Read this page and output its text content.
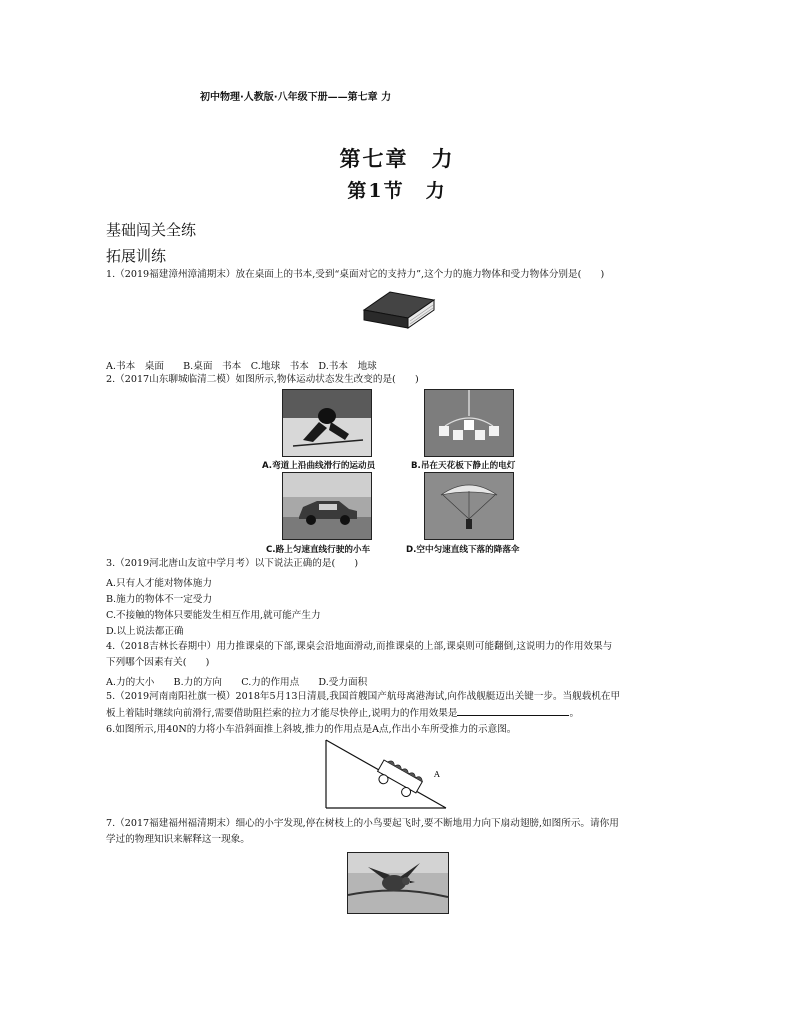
初中物理·人教版·八年级下册——第七章 力
第七章　力
第1节　力
基础闯关全练
拓展训练
1.（2019福建漳州漳浦期末）放在桌面上的书本,受到“桌面对它的支持力”,这个力的施力物体和受力物体分别是(　　)
A.书本　桌面　　B.桌面　书本　C.地球　书本　D.书本　地球
2.（2017山东聊城临清二模）如图所示,物体运动状态发生改变的是(　　)
A.弯道上沿曲线滑行的运动员	B.吊在天花板下静止的电灯
C.路上匀速直线行驶的小车	D.空中匀速直线下落的降落伞
3.（2019河北唐山友谊中学月考）以下说法正确的是(　　)
A.只有人才能对物体施力
B.施力的物体不一定受力
C.不接触的物体只要能发生相互作用,就可能产生力
D.以上说法都正确
4.（2018吉林长春期中）用力推课桌的下部,课桌会沿地面滑动,而推课桌的上部,课桌则可能翻倒,这说明力的作用效果与
下列哪个因素有关(　　)
A.力的大小　　B.力的方向　　C.力的作用点　　D.受力面积
5.（2019河南南阳社旗一模）2018年5月13日清晨,我国首艘国产航母离港海试,向作战舰艇迈出关键一步。当舰载机在甲
板上着陆时继续向前滑行,需要借助阻拦索的拉力才能尽快停止,说明力的作用效果是	。
6.如图所示,用40N的力将小车沿斜面推上斜坡,推力的作用点是A点,作出小车所受推力的示意图。
A
7.（2017福建福州福清期末）细心的小宇发现,停在树枝上的小鸟要起飞时,要不断地用力向下扇动翅膀,如图所示。请你用
学过的物理知识来解释这一现象。
